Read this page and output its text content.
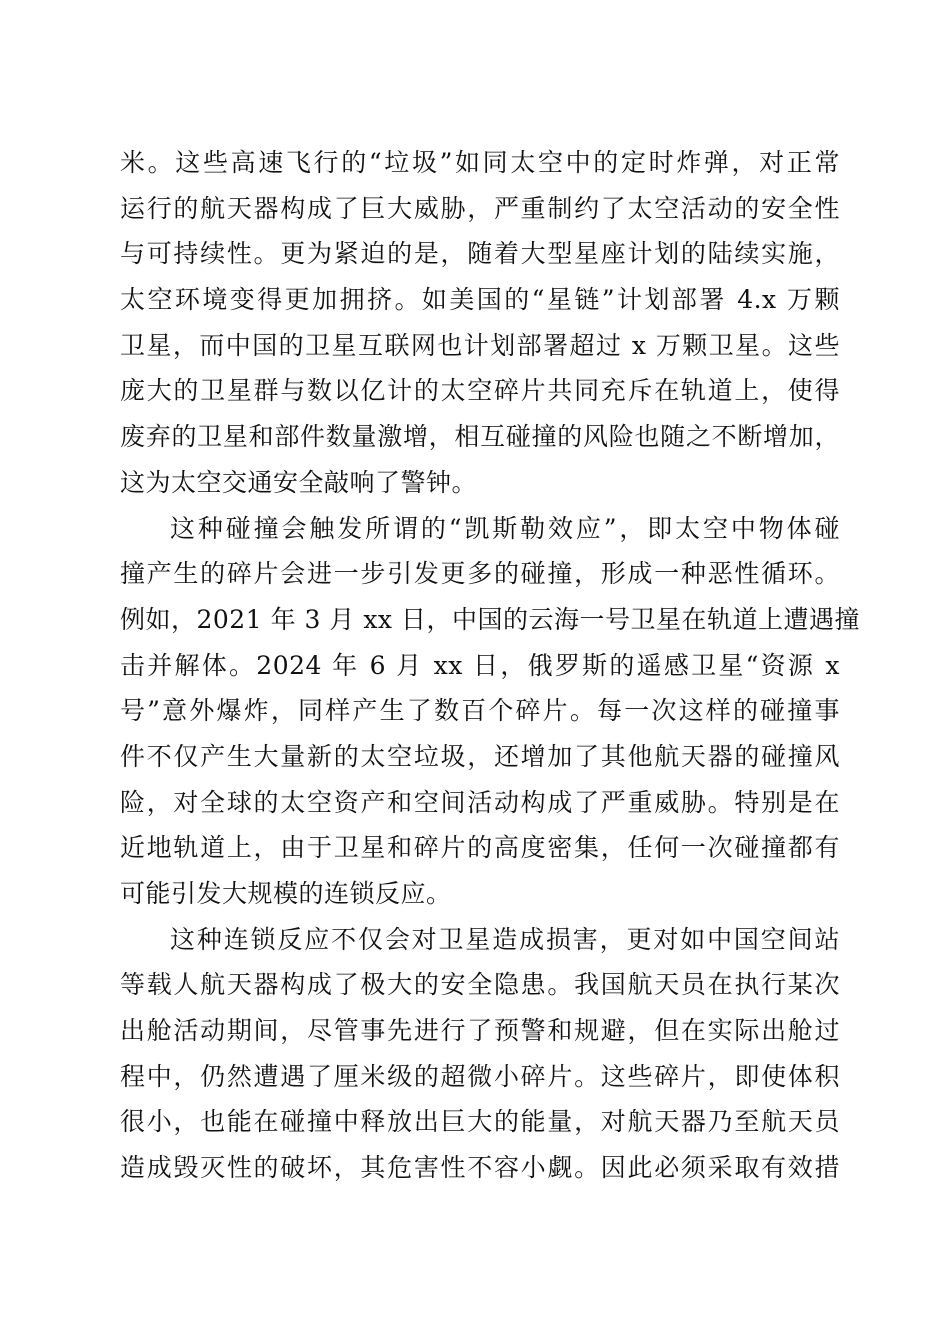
米。这些高速飞行的“垃圾”如同太空中的定时炸弹，对正常
运行的航天器构成了巨大威胁，严重制约了太空活动的安全性
与可持续性。更为紧迫的是，随着大型星座计划的陆续实施，
太空环境变得更加拥挤。如美国的“星链”计划部署 4.x 万颗
卫星，而中国的卫星互联网也计划部署超过 x 万颗卫星。这些
庞大的卫星群与数以亿计的太空碎片共同充斥在轨道上，使得
废弃的卫星和部件数量激增，相互碰撞的风险也随之不断增加，
这为太空交通安全敲响了警钟。
这种碰撞会触发所谓的“凯斯勒效应”，即太空中物体碰
撞产生的碎片会进一步引发更多的碰撞，形成一种恶性循环。
例如，2021 年 3 月 xx 日，中国的云海一号卫星在轨道上遭遇撞
击并解体。2024 年 6 月 xx 日，俄罗斯的遥感卫星“资源 x
号”意外爆炸，同样产生了数百个碎片。每一次这样的碰撞事
件不仅产生大量新的太空垃圾，还增加了其他航天器的碰撞风
险，对全球的太空资产和空间活动构成了严重威胁。特别是在
近地轨道上，由于卫星和碎片的高度密集，任何一次碰撞都有
可能引发大规模的连锁反应。
这种连锁反应不仅会对卫星造成损害，更对如中国空间站
等载人航天器构成了极大的安全隐患。我国航天员在执行某次
出舱活动期间，尽管事先进行了预警和规避，但在实际出舱过
程中，仍然遭遇了厘米级的超微小碎片。这些碎片，即使体积
很小，也能在碰撞中释放出巨大的能量，对航天器乃至航天员
造成毁灭性的破坏，其危害性不容小觑。因此必须采取有效措
